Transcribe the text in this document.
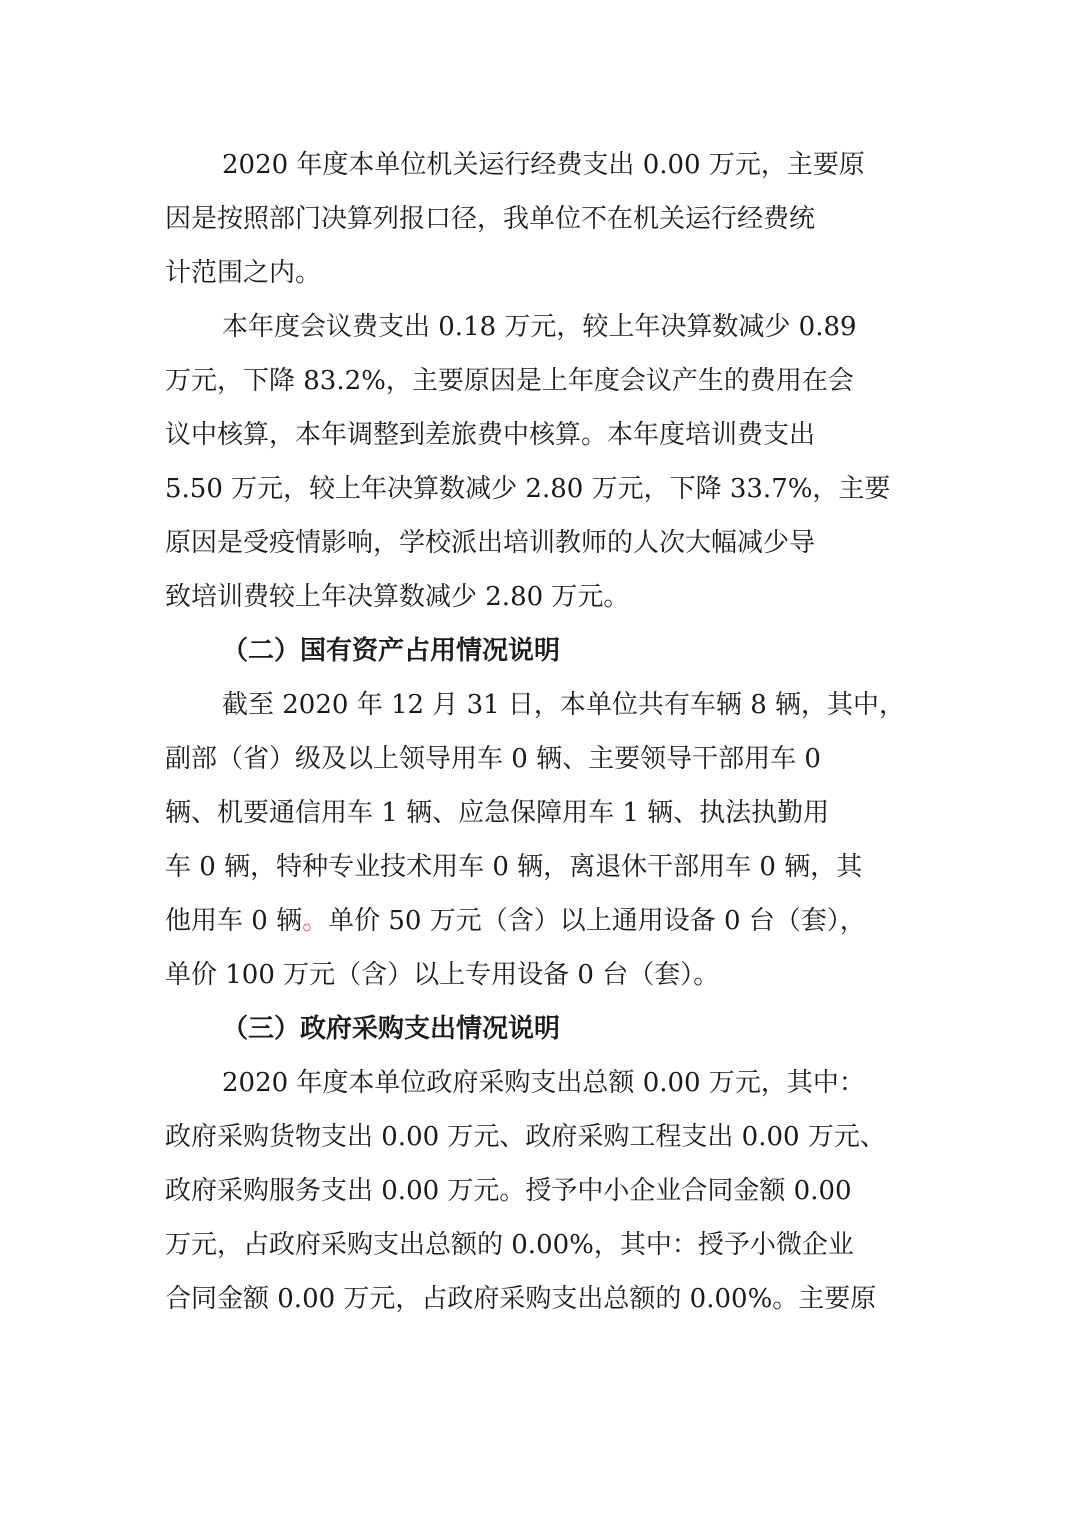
2020 年度本单位机关运行经费支出 0.00 万元，主要原
因是按照部门决算列报口径，我单位不在机关运行经费统
计范围之内。
本年度会议费支出 0.18 万元，较上年决算数减少 0.89
万元，下降 83.2%，主要原因是上年度会议产生的费用在会
议中核算，本年调整到差旅费中核算。本年度培训费支出
5.50 万元，较上年决算数减少 2.80 万元，下降 33.7%，主要
原因是受疫情影响，学校派出培训教师的人次大幅减少导
致培训费较上年决算数减少 2.80 万元。
（二）国有资产占用情况说明
截至 2020 年 12 月 31 日，本单位共有车辆 8 辆，其中，
副部（省）级及以上领导用车 0 辆、主要领导干部用车 0
辆、机要通信用车 1 辆、应急保障用车 1 辆、执法执勤用
车 0 辆，特种专业技术用车 0 辆，离退休干部用车 0 辆，其
他用车 0 辆。单价 50 万元（含）以上通用设备 0 台（套），
单价 100 万元（含）以上专用设备 0 台（套）。
（三）政府采购支出情况说明
2020 年度本单位政府采购支出总额 0.00 万元，其中：
政府采购货物支出 0.00 万元、政府采购工程支出 0.00 万元、
政府采购服务支出 0.00 万元。授予中小企业合同金额 0.00
万元，占政府采购支出总额的 0.00%，其中：授予小微企业
合同金额 0.00 万元，占政府采购支出总额的 0.00%。主要原
